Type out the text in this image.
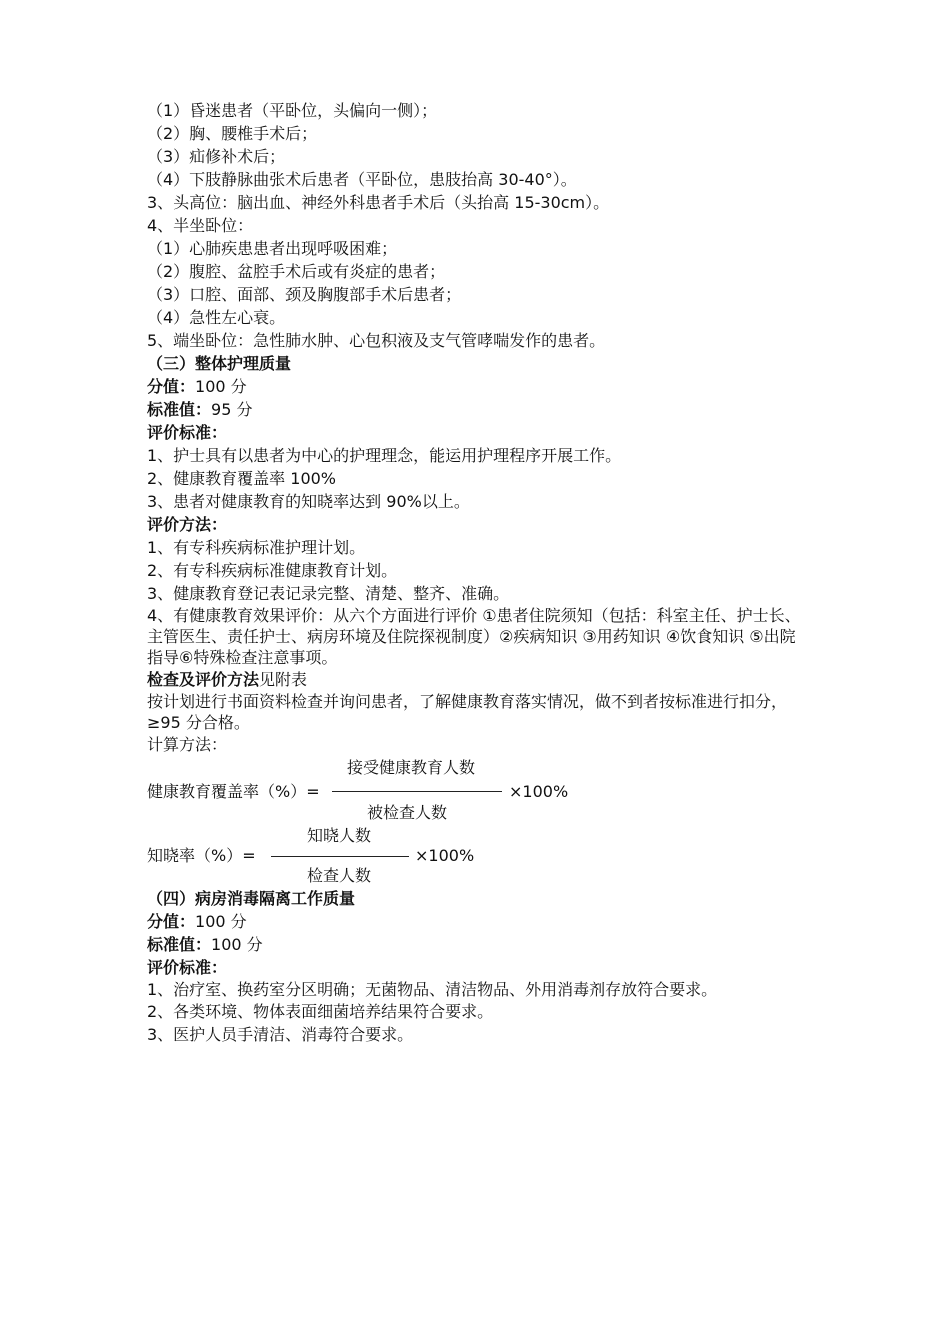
（1）昏迷患者（平卧位，头偏向一侧）；
（2）胸、腰椎手术后；
（3）疝修补术后；
（4）下肢静脉曲张术后患者（平卧位，患肢抬高 30-40°）。
3、头高位：脑出血、神经外科患者手术后（头抬高 15-30cm）。
4、半坐卧位：
（1）心肺疾患患者出现呼吸困难；
（2）腹腔、盆腔手术后或有炎症的患者；
（3）口腔、面部、颈及胸腹部手术后患者；
（4）急性左心衰。
5、端坐卧位：急性肺水肿、心包积液及支气管哮喘发作的患者。
（三）整体护理质量
分值：100 分
标准值：95 分
评价标准：
1、护士具有以患者为中心的护理理念，能运用护理程序开展工作。
2、健康教育覆盖率 100%
3、患者对健康教育的知晓率达到 90%以上。
评价方法：
1、有专科疾病标准护理计划。
2、有专科疾病标准健康教育计划。
3、健康教育登记表记录完整、清楚、整齐、准确。
4、有健康教育效果评价：从六个方面进行评价 ①患者住院须知（包括：科室主任、护士长、主管医生、责任护士、病房环境及住院探视制度）②疾病知识 ③用药知识 ④饮食知识 ⑤出院指导⑥特殊检查注意事项。
检查及评价方法见附表
按计划进行书面资料检查并询问患者，了解健康教育落实情况，做不到者按标准进行扣分，≥95 分合格。
计算方法：
接受健康教育人数
健康教育覆盖率（%）=	×100%
被检查人数
知晓人数
知晓率（%）=	×100%
检查人数
（四）病房消毒隔离工作质量
分值：100 分
标准值：100 分
评价标准：
1、治疗室、换药室分区明确；无菌物品、清洁物品、外用消毒剂存放符合要求。
2、各类环境、物体表面细菌培养结果符合要求。
3、医护人员手清洁、消毒符合要求。
